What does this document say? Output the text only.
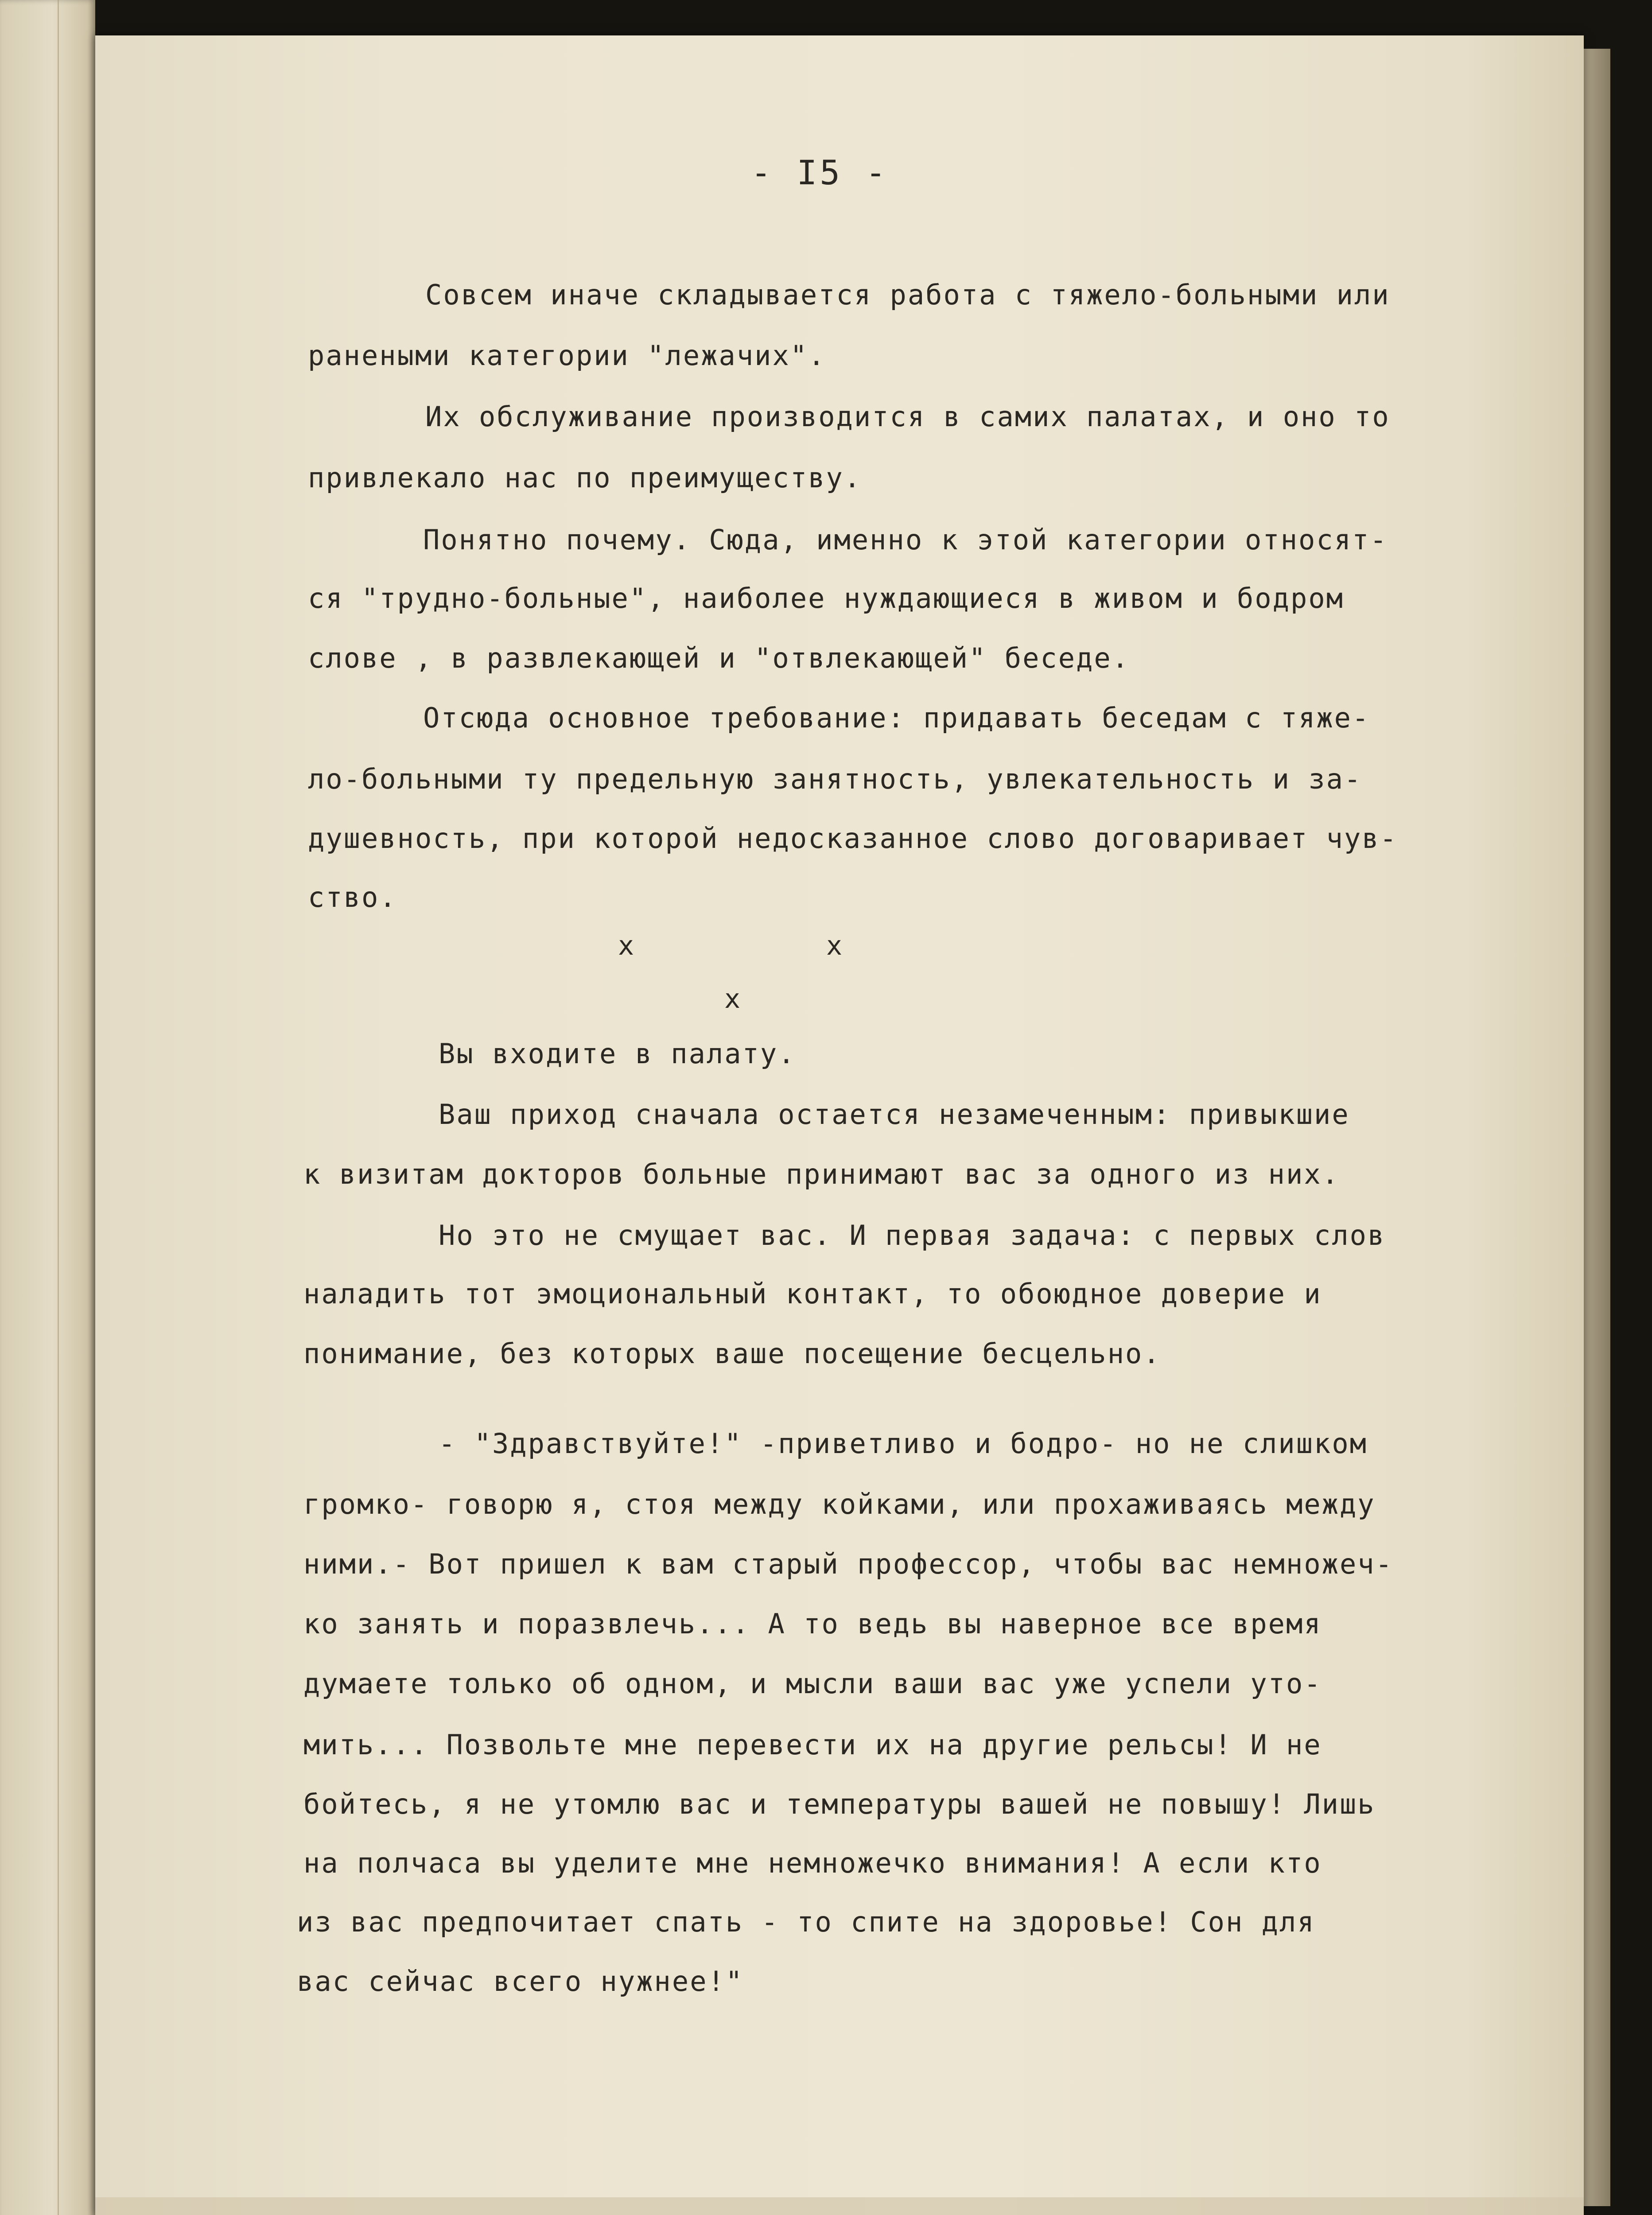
- I5 -
Совсем иначе складывается работа с тяжело-больными или
ранеными категории "лежачих".
Их обслуживание производится в самих палатах, и оно то
привлекало нас по преимуществу.
Понятно почему. Сюда, именно к этой категории относят-
ся "трудно-больные", наиболее нуждающиеся в живом и бодром
слове , в развлекающей и "отвлекающей" беседе.
Отсюда основное требование: придавать беседам с тяже-
ло-больными ту предельную занятность, увлекательность и за-
душевность, при которой недосказанное слово договаривает чув-
ство.
x	x
x
Вы входите в палату.
Ваш приход сначала остается незамеченным: привыкшие
к визитам докторов больные принимают вас за одного из них.
Но это не смущает вас. И первая задача: с первых слов
наладить тот эмоциональный контакт, то обоюдное доверие и
понимание, без которых ваше посещение бесцельно.
- "Здравствуйте!" -приветливо и бодро- но не слишком
громко- говорю я, стоя между койками, или прохаживаясь между
ними.- Вот пришел к вам старый профессор, чтобы вас немножеч-
ко занять и поразвлечь... А то ведь вы наверное все время
думаете только об одном, и мысли ваши вас уже успели уто-
мить... Позвольте мне перевести их на другие рельсы! И не
бойтесь, я не утомлю вас и температуры вашей не повышу! Лишь
на полчаса вы уделите мне немножечко внимания! А если кто
из вас предпочитает спать - то спите на здоровье! Сон для
вас сейчас всего нужнее!"
